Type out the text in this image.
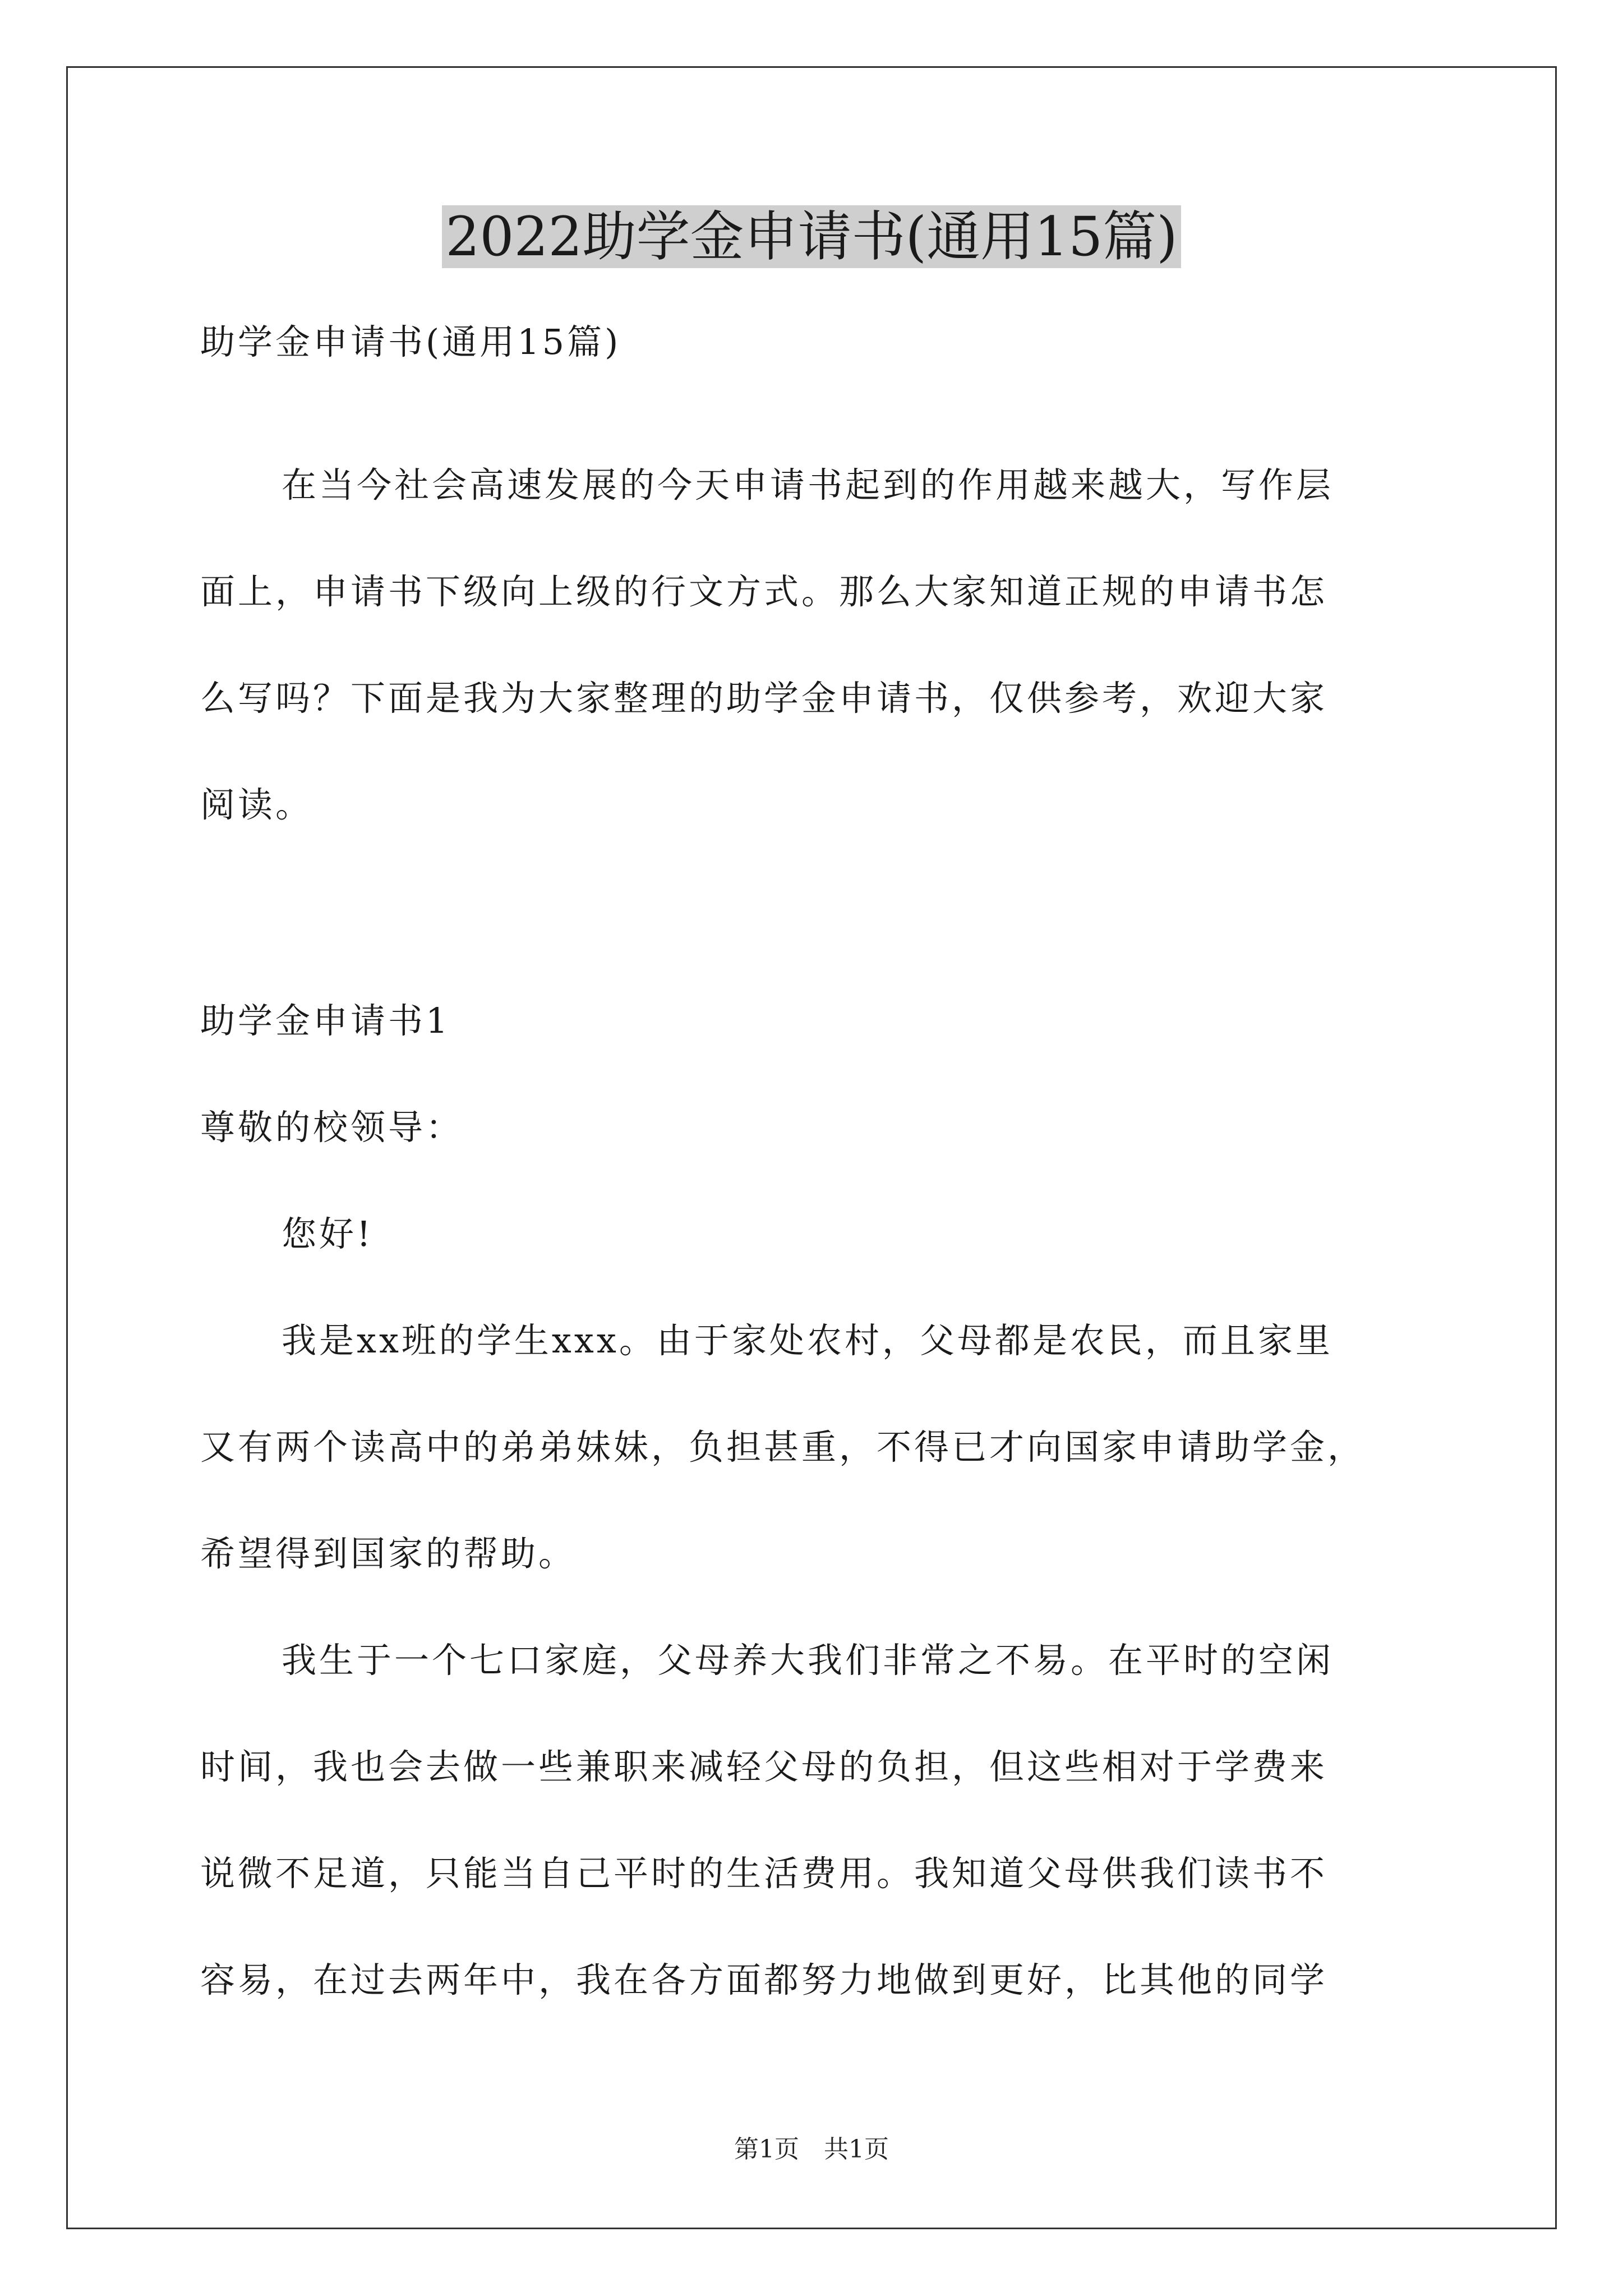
2022助学金申请书(通用15篇)
助学金申请书(通用15篇)
在当今社会高速发展的今天申请书起到的作用越来越大，写作层
面上，申请书下级向上级的行文方式。那么大家知道正规的申请书怎
么写吗？下面是我为大家整理的助学金申请书，仅供参考，欢迎大家
阅读。
助学金申请书1
尊敬的校领导：
您好!
我是xx班的学生xxx。由于家处农村，父母都是农民，而且家里
又有两个读高中的弟弟妹妹，负担甚重，不得已才向国家申请助学金，
希望得到国家的帮助。
我生于一个七口家庭，父母养大我们非常之不易。在平时的空闲
时间，我也会去做一些兼职来减轻父母的负担，但这些相对于学费来
说微不足道，只能当自己平时的生活费用。我知道父母供我们读书不
容易，在过去两年中，我在各方面都努力地做到更好，比其他的同学
第1页　共1页
